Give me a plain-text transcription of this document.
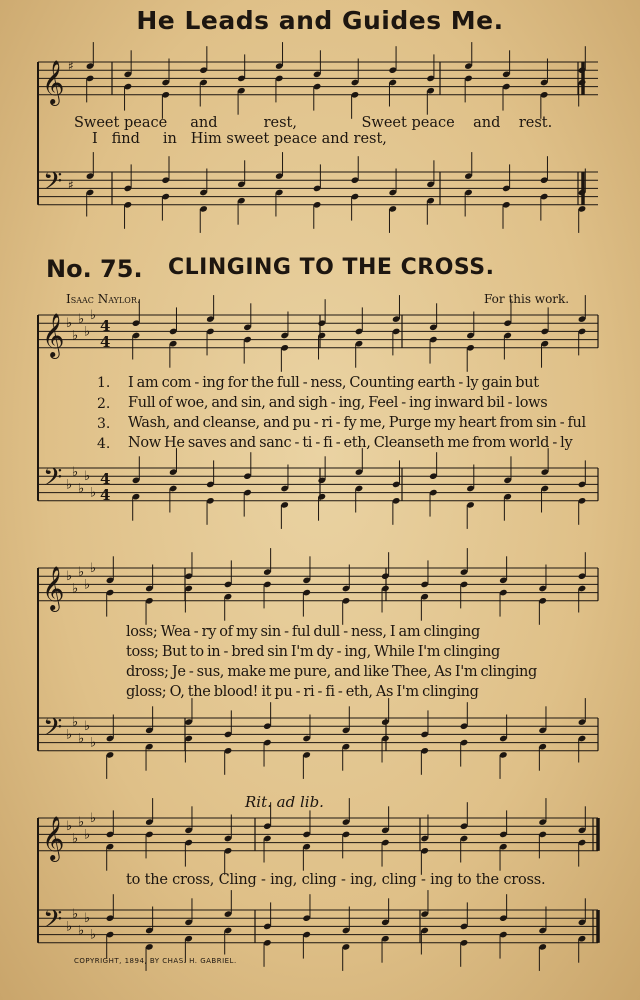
He Leads and Guides Me.
No. 75. CLINGING TO THE CROSS.
Isaac Naylor.	For this work.
𝄞
𝄢
♯
♯
𝄞
𝄢
♭
♭
♭
♭
♭
♭
♭
♭
♭
♭
4
4
4
4
𝄞
𝄢
♭
♭
♭
♭
♭
♭
♭
♭
♭
♭
𝄞
𝄢
♭
♭
♭
♭
♭
♭
♭
♭
♭
♭
Sweet peace and	rest,	Sweet peace and rest.
I find in Him sweet peace and rest,
1.
2.
3.
4.
I am com - ing for the full - ness, Counting earth - ly gain but
Full of woe, and sin, and sigh - ing, Feel - ing inward bil - lows
Wash, and cleanse, and pu - ri - fy me, Purge my heart from sin - ful
Now He saves and sanc - ti - fi - eth, Cleanseth me from world - ly
loss; Wea - ry of my sin - ful dull - ness, I am clinging
toss; But to in - bred sin I'm dy - ing, While I'm clinging
dross; Je - sus, make me pure, and like Thee, As I'm clinging
gloss; O, the blood! it pu - ri - fi - eth, As I'm clinging
Rit. ad lib.
to the cross, Cling - ing, cling - ing, cling - ing to the cross.
COPYRIGHT, 1894, BY CHAS. H. GABRIEL.
